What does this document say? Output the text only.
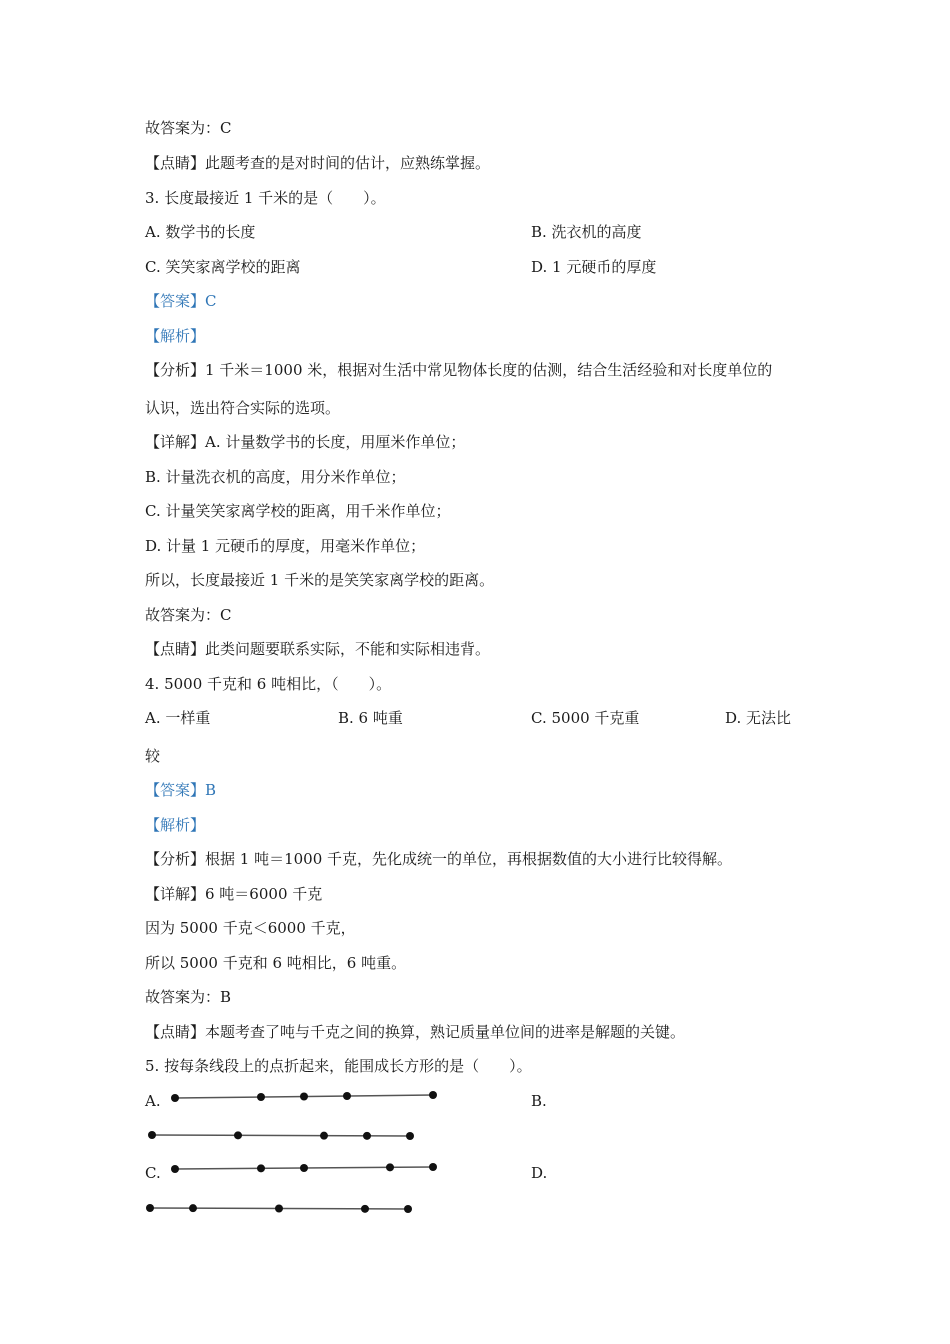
故答案为：C
【点睛】此题考查的是对时间的估计，应熟练掌握。
3. 长度最接近 1 千米的是（　　）。
A. 数学书的长度	B. 洗衣机的高度
C. 笑笑家离学校的距离	D. 1 元硬币的厚度
【答案】C
【解析】
【分析】1 千米＝1000 米，根据对生活中常见物体长度的估测，结合生活经验和对长度单位的
认识，选出符合实际的选项。
【详解】A. 计量数学书的长度，用厘米作单位；
B. 计量洗衣机的高度，用分米作单位；
C. 计量笑笑家离学校的距离，用千米作单位；
D. 计量 1 元硬币的厚度，用毫米作单位；
所以，长度最接近 1 千米的是笑笑家离学校的距离。
故答案为：C
【点睛】此类问题要联系实际，不能和实际相违背。
4. 5000 千克和 6 吨相比，（　　）。
A. 一样重	B. 6 吨重	C. 5000 千克重	D. 无法比
较
【答案】B
【解析】
【分析】根据 1 吨＝1000 千克，先化成统一的单位，再根据数值的大小进行比较得解。
【详解】6 吨＝6000 千克
因为 5000 千克＜6000 千克，
所以 5000 千克和 6 吨相比，6 吨重。
故答案为：B
【点睛】本题考查了吨与千克之间的换算，熟记质量单位间的进率是解题的关键。
5. 按每条线段上的点折起来，能围成长方形的是（　　）。
A.	B.
C.	D.
